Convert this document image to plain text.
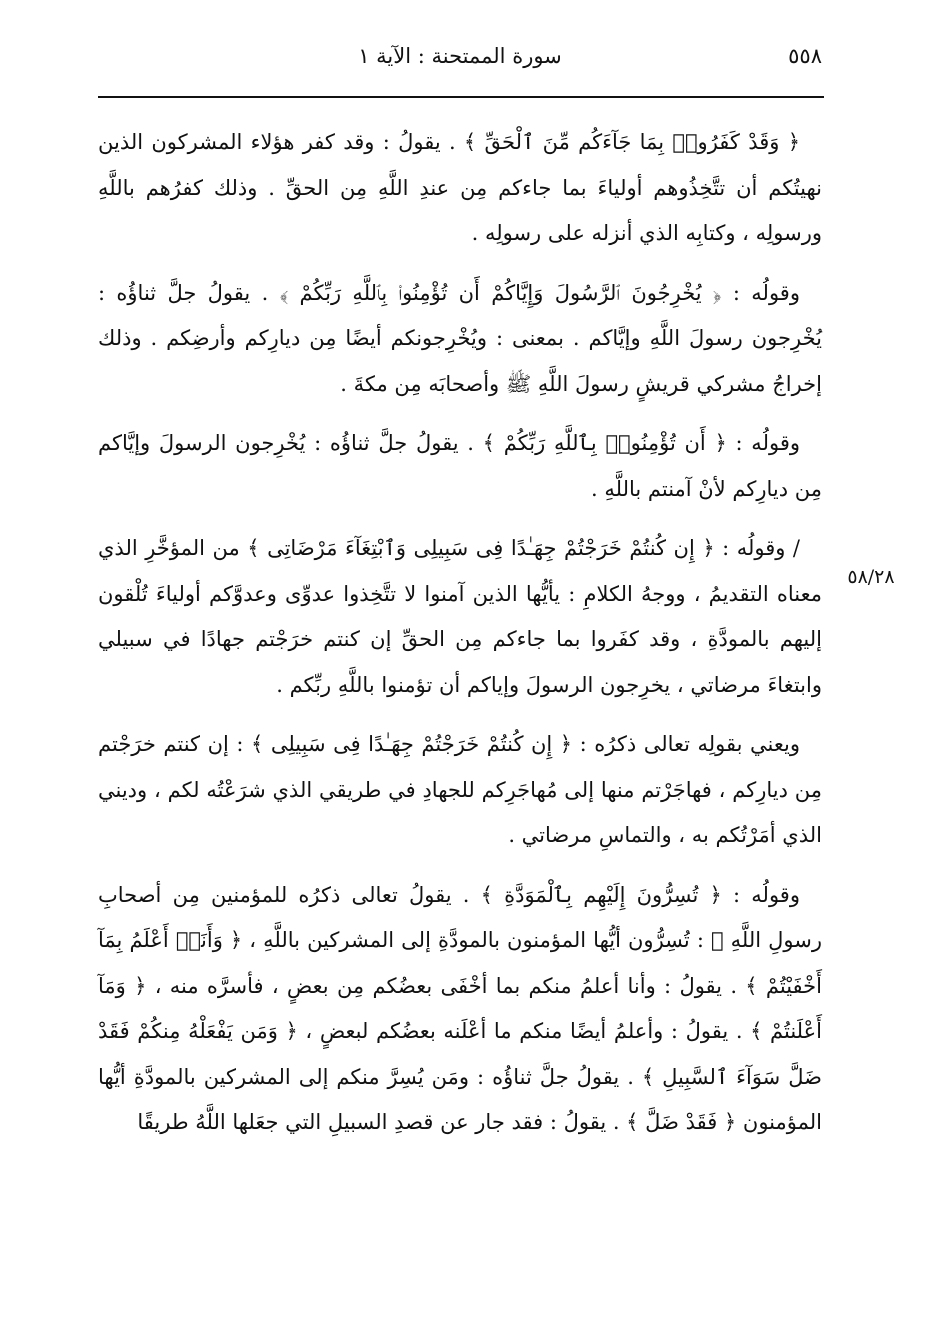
٥٥٨
سورة الممتحنة : الآية ١
٥٨/٢٨

﴿ وَقَدْ كَفَرُوا۟ بِمَا جَآءَكُم مِّنَ ٱلْحَقِّ ﴾ . يقولُ : وقد كفر هؤلاء المشركون الذين نهيتُكم أن تتَّخِذُوهم أولياءَ بما جاءكم مِن عندِ اللَّهِ مِن الحقِّ . وذلك كفرُهم باللَّهِ ورسولِه ، وكتابِه الذي أنزله على رسولِه .

وقولُه : ﴿ يُخْرِجُونَ ٱلرَّسُولَ وَإِيَّاكُمْ أَن تُؤْمِنُوا۟ بِٱللَّهِ رَبِّكُمْ ﴾ . يقولُ جلَّ ثناؤُه : يُخْرِجون رسولَ اللَّهِ وإيَّاكم . بمعنى : ويُخْرِجونكم أيضًا مِن ديارِكم وأرضِكم . وذلك إخراجُ مشركي قريشٍ رسولَ اللَّهِ ﷺ وأصحابَه مِن مكةَ .

وقولُه : ﴿ أَن تُؤْمِنُوا۟ بِٱللَّهِ رَبِّكُمْ ﴾ . يقولُ جلَّ ثناؤُه : يُخْرِجون الرسولَ وإيَّاكم مِن ديارِكم لأنْ آمنتم باللَّهِ .

/ وقولُه : ﴿ إِن كُنتُمْ خَرَجْتُمْ جِهَـٰدًا فِى سَبِيلِى وَٱبْتِغَآءَ مَرْضَاتِى ﴾ من المؤخَّرِ الذي معناه التقديمُ ، ووجهُ الكلامِ : يأيُّها الذين آمنوا لا تتَّخِذوا عدوِّى وعدوَّكم أولياءَ تُلْقون إليهم بالمودَّةِ ، وقد كفَروا بما جاءكم مِن الحقِّ إن كنتم خرَجْتم جهادًا في سبيلي وابتغاءَ مرضاتي ، يخرِجون الرسولَ وإياكم أن تؤمنوا باللَّهِ ربِّكم .

ويعني بقولِه تعالى ذكرُه : ﴿ إِن كُنتُمْ خَرَجْتُمْ جِهَـٰدًا فِى سَبِيلِى ﴾ : إن كنتم خرَجْتم مِن ديارِكم ، فهاجَرْتم منها إلى مُهاجَرِكم للجهادِ في طريقي الذي شرَعْتُه لكم ، وديني الذي أمَرْتُكم به ، والتماسِ مرضاتي .

وقولُه : ﴿ تُسِرُّونَ إِلَيْهِم بِٱلْمَوَدَّةِ ﴾ . يقولُ تعالى ذكرُه للمؤمنين مِن أصحابِ رسولِ اللَّهِ ﷺ : تُسِرُّون أيُّها المؤمنون بالمودَّةِ إلى المشركين باللَّهِ ، ﴿ وَأَنَا۠ أَعْلَمُ بِمَآ أَخْفَيْتُمْ ﴾ . يقولُ : وأنا أعلمُ منكم بما أخْفَى بعضُكم مِن بعضٍ ، فأسرَّه منه ، ﴿ وَمَآ أَعْلَنتُمْ ﴾ . يقولُ : وأعلمُ أيضًا منكم ما أعْلَنه بعضُكم لبعضٍ ، ﴿ وَمَن يَفْعَلْهُ مِنكُمْ فَقَدْ ضَلَّ سَوَآءَ ٱلسَّبِيلِ ﴾ . يقولُ جلَّ ثناؤُه : ومَن يُسِرَّ منكم إلى المشركين بالمودَّةِ أيُّها المؤمنون ﴿ فَقَدْ ضَلَّ ﴾ . يقولُ : فقد جار عن قصدِ السبيلِ التي جعَلها اللَّهُ طريقًا
